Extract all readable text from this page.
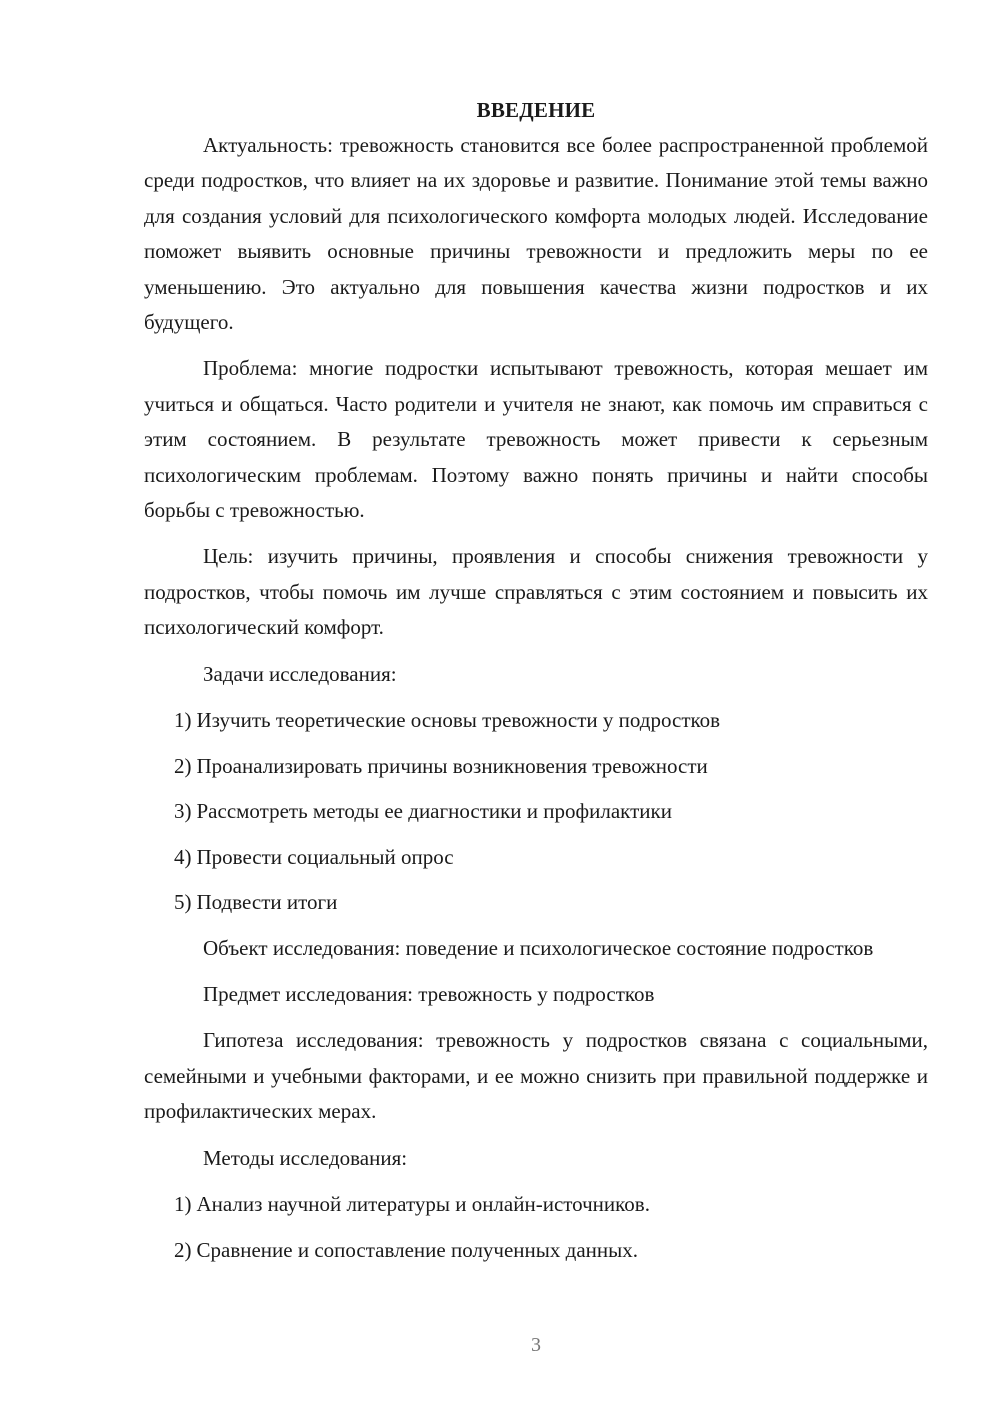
ВВЕДЕНИЕ

Актуальность: тревожность становится все более распространенной проблемой среди подростков, что влияет на их здоровье и развитие. Понимание этой темы важно для создания условий для психологического комфорта молодых людей. Исследование поможет выявить основные причины тревожности и предложить меры по ее уменьшению. Это актуально для повышения качества жизни подростков и их будущего.

Проблема: многие подростки испытывают тревожность, которая мешает им учиться и общаться. Часто родители и учителя не знают, как помочь им справиться с этим состоянием. В результате тревожность может привести к серьезным психологическим проблемам. Поэтому важно понять причины и найти способы борьбы с тревожностью.

Цель: изучить причины, проявления и способы снижения тревожности у подростков, чтобы помочь им лучше справляться с этим состоянием и повысить их психологический комфорт.

Задачи исследования:

1) Изучить теоретические основы тревожности у подростков
2) Проанализировать причины возникновения тревожности
3) Рассмотреть методы ее диагностики и профилактики
4) Провести социальный опрос
5) Подвести итоги

Объект исследования: поведение и психологическое состояние подростков

Предмет исследования: тревожность у подростков

Гипотеза исследования: тревожность у подростков связана с социальными, семейными и учебными факторами, и ее можно снизить при правильной поддержке и профилактических мерах.

Методы исследования:

1) Анализ научной литературы и онлайн-источников.
2) Сравнение и сопоставление полученных данных.
3
